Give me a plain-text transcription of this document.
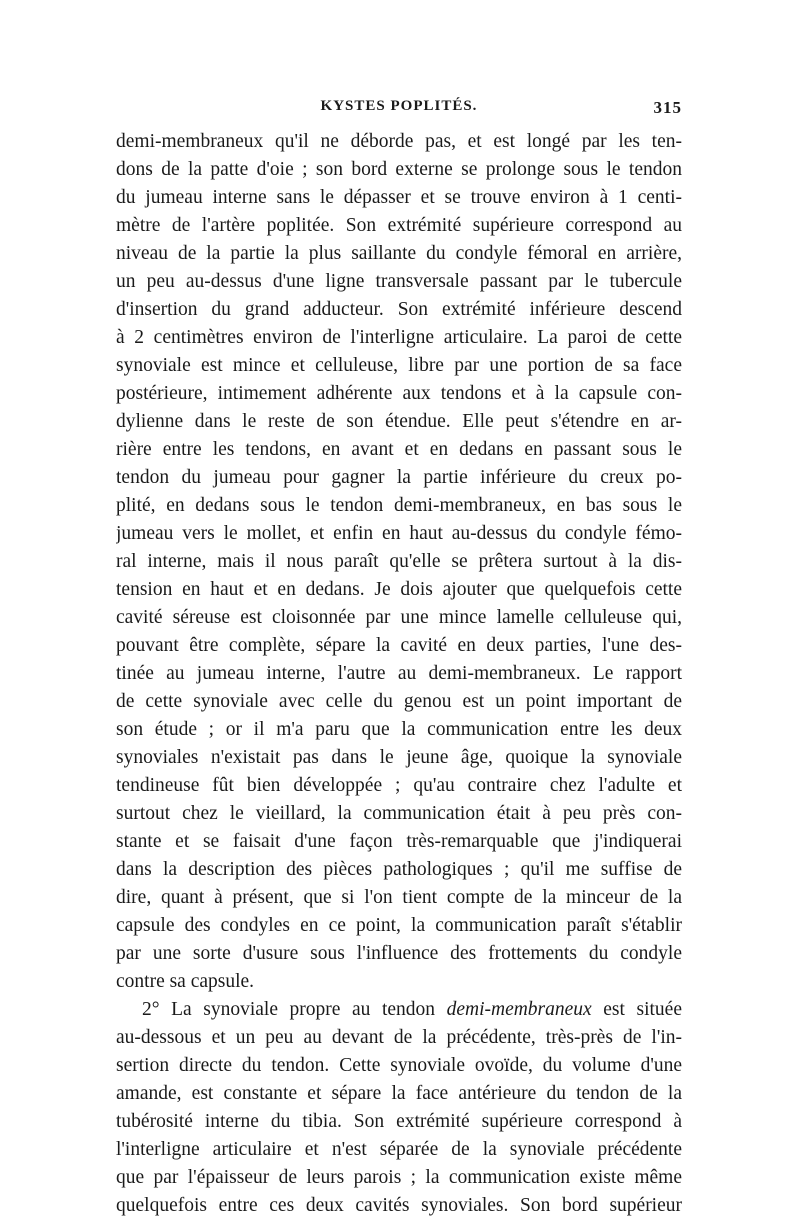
KYSTES POPLITÉS.	315
demi-membraneux qu'il ne déborde pas, et est longé par les ten-
dons de la patte d'oie ; son bord externe se prolonge sous le tendon
du jumeau interne sans le dépasser et se trouve environ à 1 centi-
mètre de l'artère poplitée. Son extrémité supérieure correspond au
niveau de la partie la plus saillante du condyle fémoral en arrière,
un peu au-dessus d'une ligne transversale passant par le tubercule
d'insertion du grand adducteur. Son extrémité inférieure descend
à 2 centimètres environ de l'interligne articulaire. La paroi de cette
synoviale est mince et celluleuse, libre par une portion de sa face
postérieure, intimement adhérente aux tendons et à la capsule con-
dylienne dans le reste de son étendue. Elle peut s'étendre en ar-
rière entre les tendons, en avant et en dedans en passant sous le
tendon du jumeau pour gagner la partie inférieure du creux po-
plité, en dedans sous le tendon demi-membraneux, en bas sous le
jumeau vers le mollet, et enfin en haut au-dessus du condyle fémo-
ral interne, mais il nous paraît qu'elle se prêtera surtout à la dis-
tension en haut et en dedans. Je dois ajouter que quelquefois cette
cavité séreuse est cloisonnée par une mince lamelle celluleuse qui,
pouvant être complète, sépare la cavité en deux parties, l'une des-
tinée au jumeau interne, l'autre au demi-membraneux. Le rapport
de cette synoviale avec celle du genou est un point important de
son étude ; or il m'a paru que la communication entre les deux
synoviales n'existait pas dans le jeune âge, quoique la synoviale
tendineuse fût bien développée ; qu'au contraire chez l'adulte et
surtout chez le vieillard, la communication était à peu près con-
stante et se faisait d'une façon très-remarquable que j'indiquerai
dans la description des pièces pathologiques ; qu'il me suffise de
dire, quant à présent, que si l'on tient compte de la minceur de la
capsule des condyles en ce point, la communication paraît s'établir
par une sorte d'usure sous l'influence des frottements du condyle
contre sa capsule.
2° La synoviale propre au tendon demi-membraneux est située
au-dessous et un peu au devant de la précédente, très-près de l'in-
sertion directe du tendon. Cette synoviale ovoïde, du volume d'une
amande, est constante et sépare la face antérieure du tendon de la
tubérosité interne du tibia. Son extrémité supérieure correspond à
l'interligne articulaire et n'est séparée de la synoviale précédente
que par l'épaisseur de leurs parois ; la communication existe même
quelquefois entre ces deux cavités synoviales. Son bord supérieur
